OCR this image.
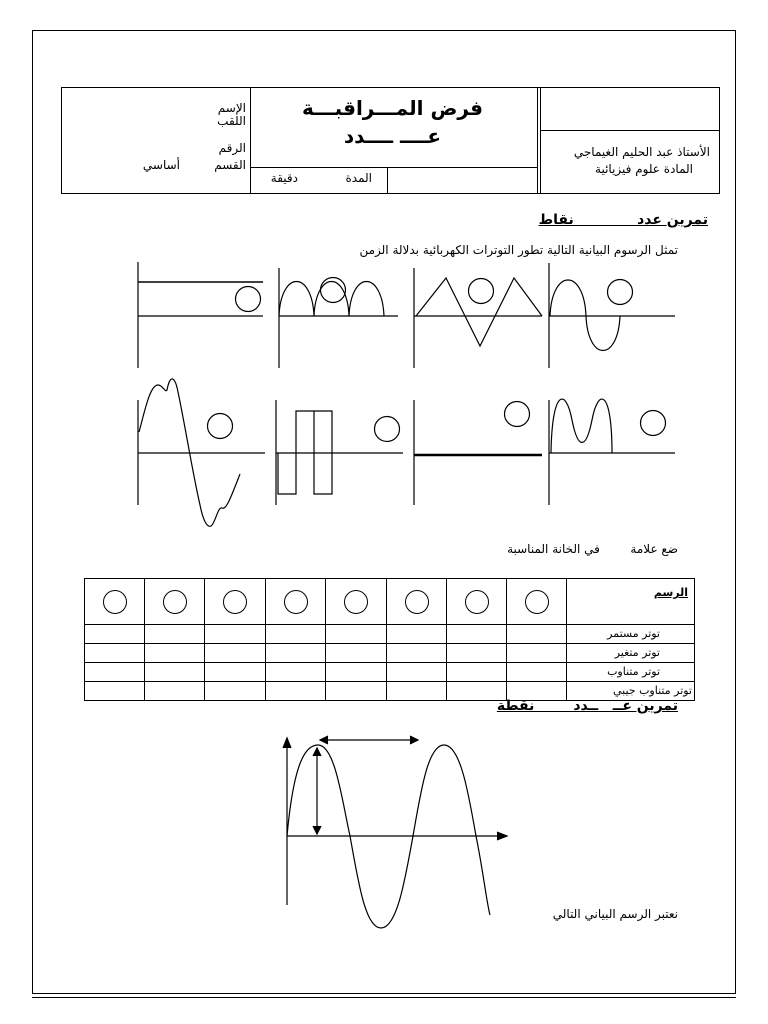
الإسم
اللقب
الرقم
القسم
أساسي
فرض المـــراقبـــة
عــــ ــــدد
المدة
دقيقة
الأستاذ عبد الحليم الغيماجي
المادة علوم فيزيائية
تمرين عدد             نقاط
تمثل الرسوم البيانية التالية تطور التوترات الكهربائية بدلالة الزمن
ضع علامة        في الخانة المناسبة
								الرسم
								توتر مستمر
								توتر متغير
								توتر متناوب
								توتر متناوب جيبي
تمرين عــ   ــدد        نقطة
نعتبر الرسم البياني التالي
